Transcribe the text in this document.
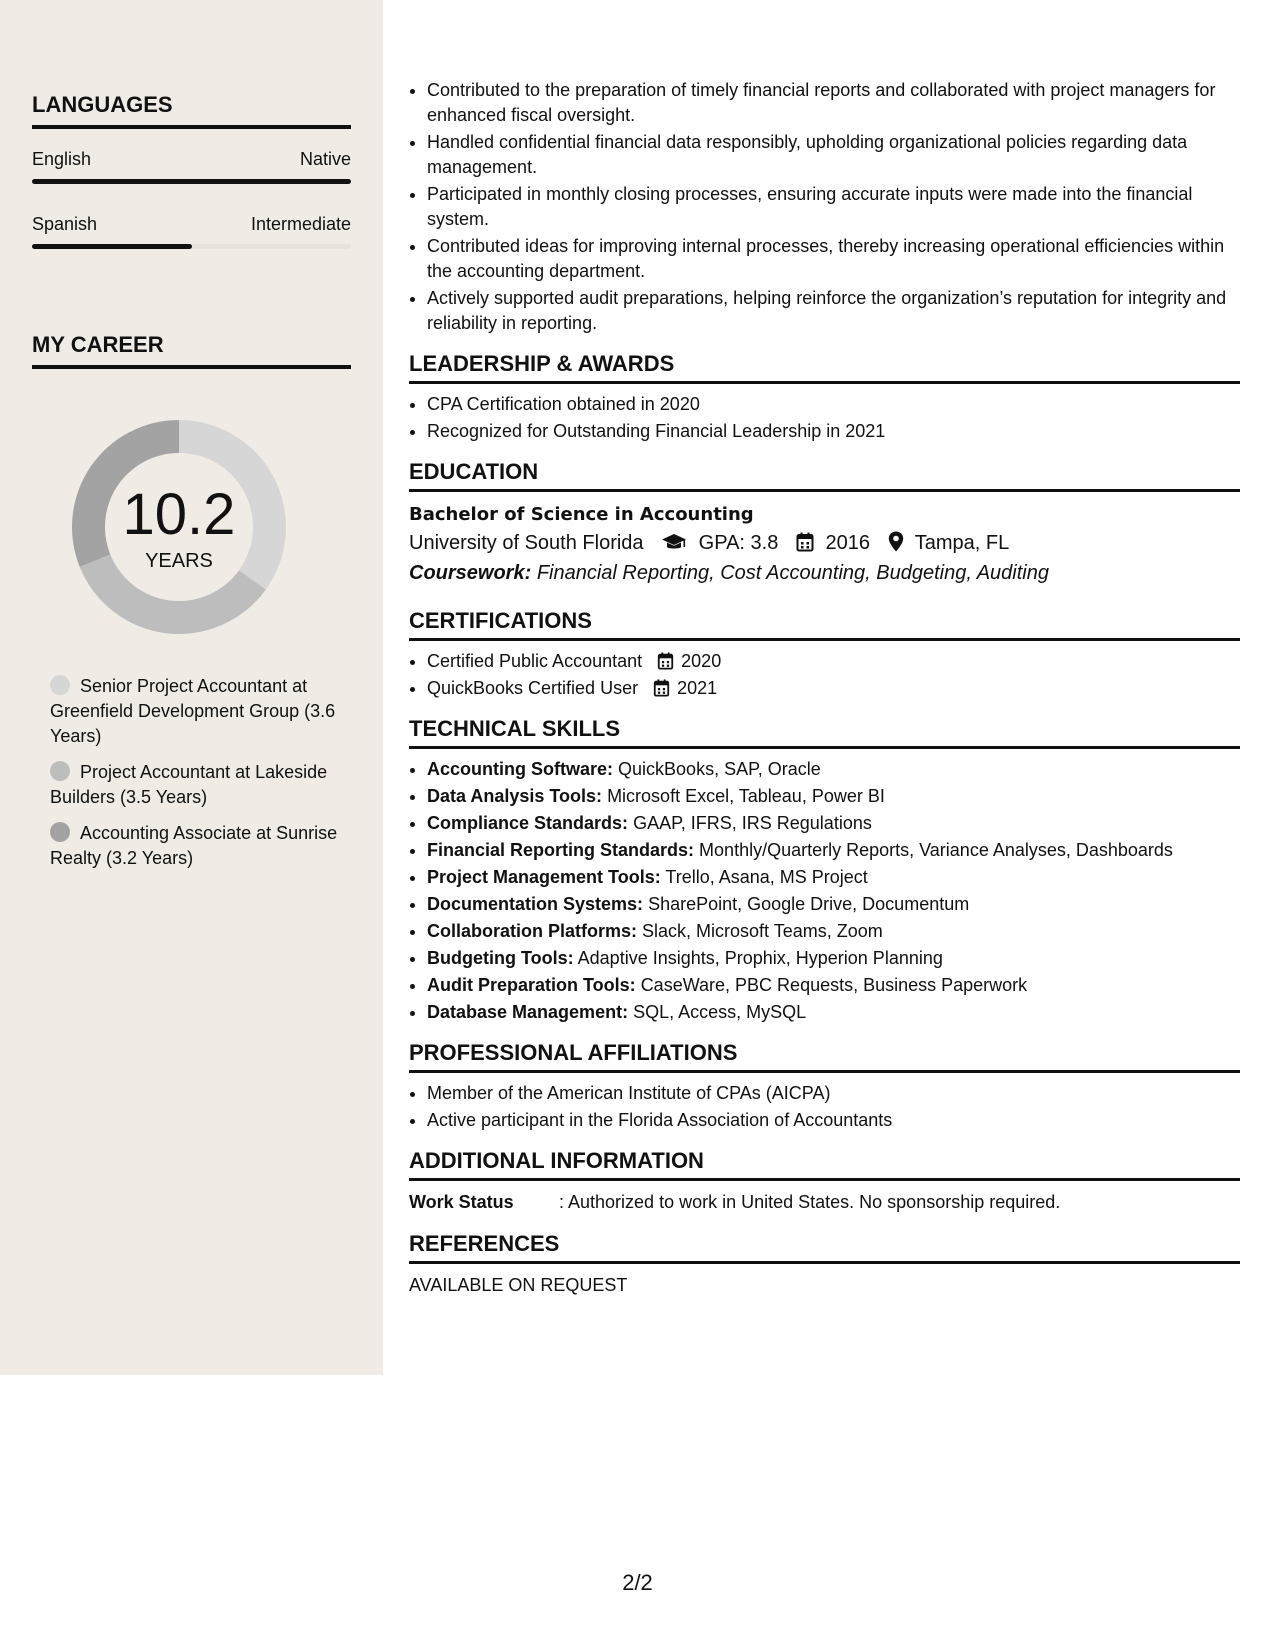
LANGUAGES
English	Native
Spanish	Intermediate
MY CAREER
10.2
YEARS
Senior Project Accountant at Greenfield Development Group (3.6 Years)
Project Accountant at Lakeside Builders (3.5 Years)
Accounting Associate at Sunrise Realty (3.2 Years)
• Contributed to the preparation of timely financial reports and collaborated with project managers for enhanced fiscal oversight.
• Handled confidential financial data responsibly, upholding organizational policies regarding data management.
• Participated in monthly closing processes, ensuring accurate inputs were made into the financial system.
• Contributed ideas for improving internal processes, thereby increasing operational efficiencies within the accounting department.
• Actively supported audit preparations, helping reinforce the organization’s reputation for integrity and reliability in reporting.
LEADERSHIP & AWARDS
• CPA Certification obtained in 2020
• Recognized for Outstanding Financial Leadership in 2021
EDUCATION
Bachelor of Science in Accounting
University of South Florida	GPA: 3.8 2016 Tampa, FL
Coursework: Financial Reporting, Cost Accounting, Budgeting, Auditing
CERTIFICATIONS
• Certified Public Accountant 2020
• QuickBooks Certified User 2021
TECHNICAL SKILLS
• Accounting Software: QuickBooks, SAP, Oracle
• Data Analysis Tools: Microsoft Excel, Tableau, Power BI
• Compliance Standards: GAAP, IFRS, IRS Regulations
• Financial Reporting Standards: Monthly/Quarterly Reports, Variance Analyses, Dashboards
• Project Management Tools: Trello, Asana, MS Project
• Documentation Systems: SharePoint, Google Drive, Documentum
• Collaboration Platforms: Slack, Microsoft Teams, Zoom
• Budgeting Tools: Adaptive Insights, Prophix, Hyperion Planning
• Audit Preparation Tools: CaseWare, PBC Requests, Business Paperwork
• Database Management: SQL, Access, MySQL
PROFESSIONAL AFFILIATIONS
• Member of the American Institute of CPAs (AICPA)
• Active participant in the Florida Association of Accountants
ADDITIONAL INFORMATION
Work Status	: Authorized to work in United States. No sponsorship required.
REFERENCES
AVAILABLE ON REQUEST
2/2
